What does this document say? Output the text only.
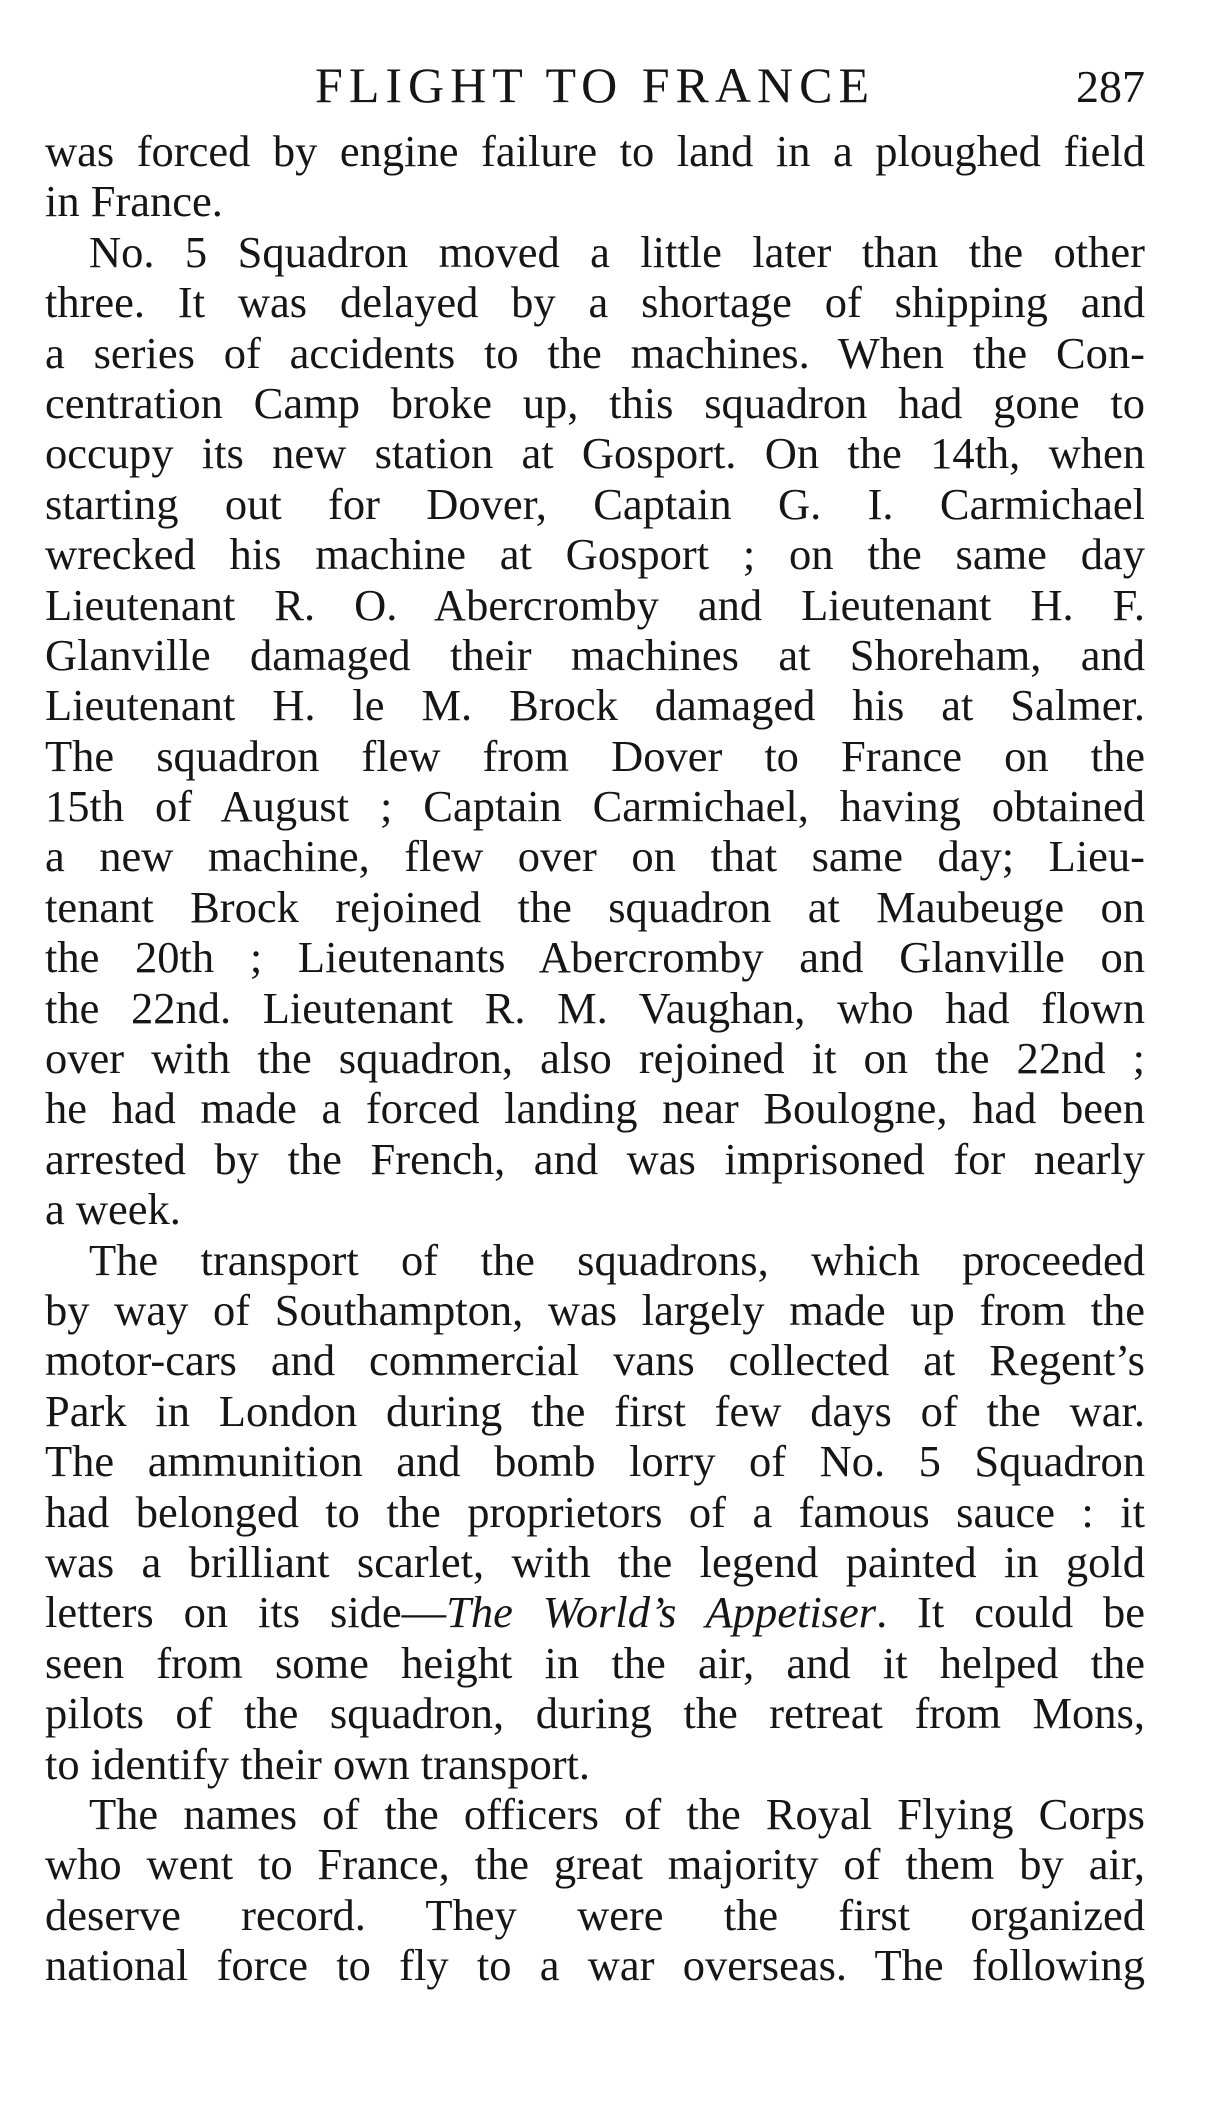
FLIGHT TO FRANCE	287
was forced by engine failure to land in a ploughed field
in France.
No. 5 Squadron moved a little later than the other
three. It was delayed by a shortage of shipping and
a series of accidents to the machines. When the Con-
centration Camp broke up, this squadron had gone to
occupy its new station at Gosport. On the 14th, when
starting out for Dover, Captain G. I. Carmichael
wrecked his machine at Gosport ; on the same day
Lieutenant R. O. Abercromby and Lieutenant H. F.
Glanville damaged their machines at Shoreham, and
Lieutenant H. le M. Brock damaged his at Salmer.
The squadron flew from Dover to France on the
15th of August ; Captain Carmichael, having obtained
a new machine, flew over on that same day; Lieu-
tenant Brock rejoined the squadron at Maubeuge on
the 20th ; Lieutenants Abercromby and Glanville on
the 22nd. Lieutenant R. M. Vaughan, who had flown
over with the squadron, also rejoined it on the 22nd ;
he had made a forced landing near Boulogne, had been
arrested by the French, and was imprisoned for nearly
a week.
The transport of the squadrons, which proceeded
by way of Southampton, was largely made up from the
motor-cars and commercial vans collected at Regent’s
Park in London during the first few days of the war.
The ammunition and bomb lorry of No. 5 Squadron
had belonged to the proprietors of a famous sauce : it
was a brilliant scarlet, with the legend painted in gold
letters on its side—The World’s Appetiser. It could be
seen from some height in the air, and it helped the
pilots of the squadron, during the retreat from Mons,
to identify their own transport.
The names of the officers of the Royal Flying Corps
who went to France, the great majority of them by air,
deserve record. They were the first organized
national force to fly to a war overseas. The following
